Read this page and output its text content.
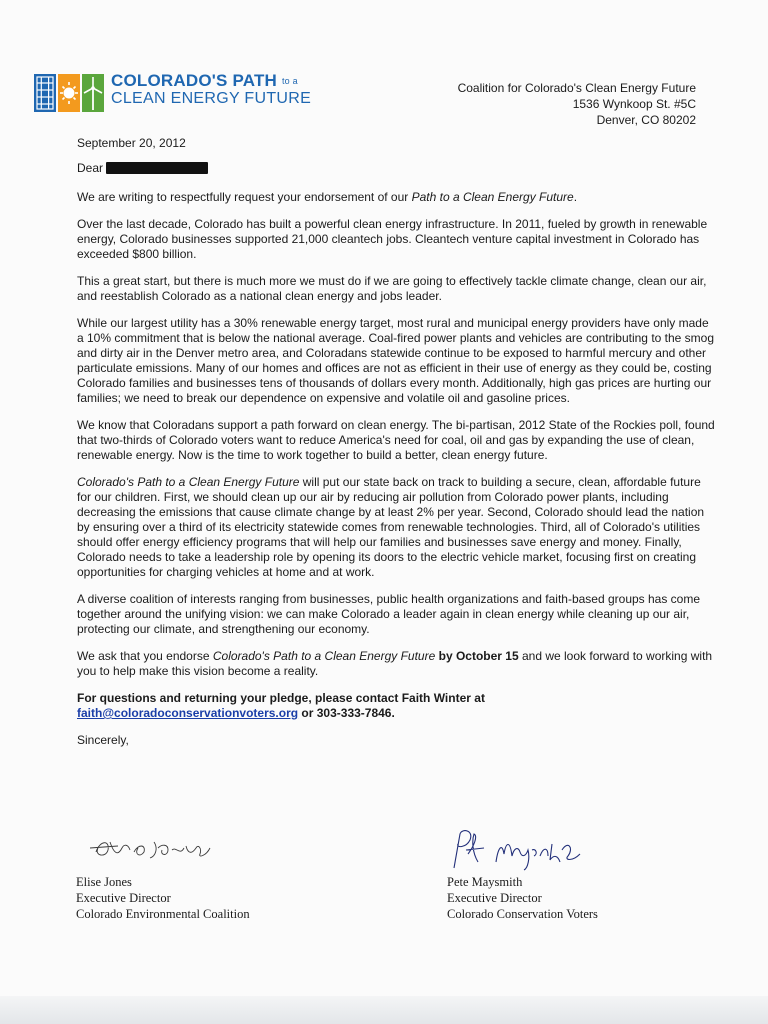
COLORADO'S PATH to a
CLEAN ENERGY FUTURE
Coalition for Colorado's Clean Energy Future
1536 Wynkoop St. #5C
Denver, CO 80202

September 20, 2012

Dear

We are writing to respectfully request your endorsement of our Path to a Clean Energy Future.

Over the last decade, Colorado has built a powerful clean energy infrastructure. In 2011, fueled by growth in renewable energy, Colorado businesses supported 21,000 cleantech jobs. Cleantech venture capital investment in Colorado has exceeded $800 billion.

This a great start, but there is much more we must do if we are going to effectively tackle climate change, clean our air, and reestablish Colorado as a national clean energy and jobs leader.

While our largest utility has a 30% renewable energy target, most rural and municipal energy providers have only made a 10% commitment that is below the national average. Coal-fired power plants and vehicles are contributing to the smog and dirty air in the Denver metro area, and Coloradans statewide continue to be exposed to harmful mercury and other particulate emissions. Many of our homes and offices are not as efficient in their use of energy as they could be, costing Colorado families and businesses tens of thousands of dollars every month. Additionally, high gas prices are hurting our families; we need to break our dependence on expensive and volatile oil and gasoline prices.

We know that Coloradans support a path forward on clean energy. The bi-partisan, 2012 State of the Rockies poll, found that two-thirds of Colorado voters want to reduce America's need for coal, oil and gas by expanding the use of clean, renewable energy. Now is the time to work together to build a better, clean energy future.

Colorado's Path to a Clean Energy Future will put our state back on track to building a secure, clean, affordable future for our children. First, we should clean up our air by reducing air pollution from Colorado power plants, including decreasing the emissions that cause climate change by at least 2% per year. Second, Colorado should lead the nation by ensuring over a third of its electricity statewide comes from renewable technologies. Third, all of Colorado's utilities should offer energy efficiency programs that will help our families and businesses save energy and money. Finally, Colorado needs to take a leadership role by opening its doors to the electric vehicle market, focusing first on creating opportunities for charging vehicles at home and at work.

A diverse coalition of interests ranging from businesses, public health organizations and faith-based groups has come together around the unifying vision: we can make Colorado a leader again in clean energy while cleaning up our air, protecting our climate, and strengthening our economy.

We ask that you endorse Colorado's Path to a Clean Energy Future by October 15 and we look forward to working with you to help make this vision become a reality.

For questions and returning your pledge, please contact Faith Winter at
faith@coloradoconservationvoters.org or 303-333-7846.

Sincerely,

Elise Jones
Executive Director
Colorado Environmental Coalition
Pete Maysmith
Executive Director
Colorado Conservation Voters
